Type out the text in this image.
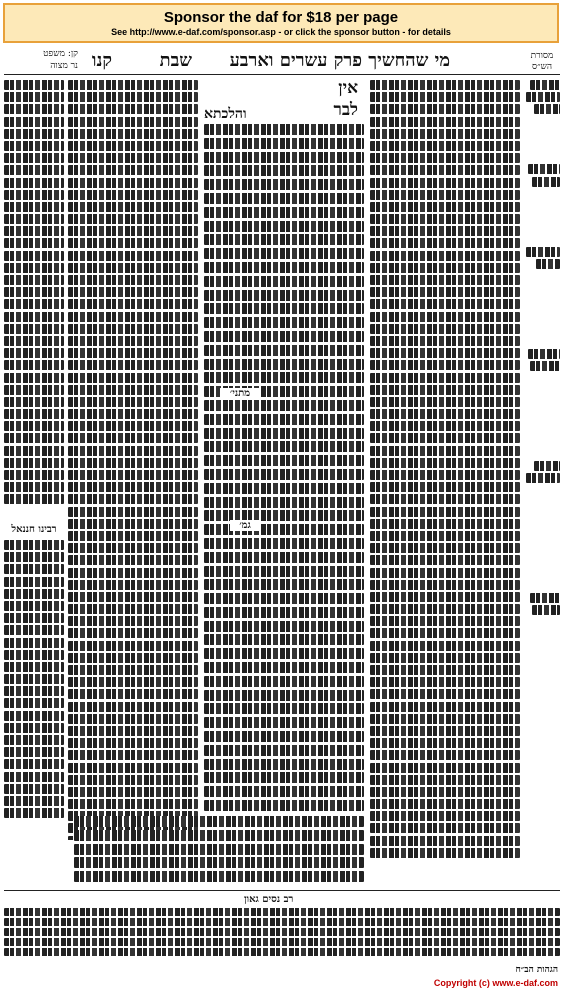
Sponsor the daf for $18 per page
See http://www.e-daf.com/sponsor.asp - or click the sponsor button - for details
מי שהחשיך פרק עשרים וארבע
שבת
קנו	מסורת הש״ס
קן: משפט
נר מצוה
אין
לבר
מתני׳
גמ׳
והלכתא
רבינו חננאל
רב נסים גאון
הגהות הב״ח
Copyright (c) www.e-daf.com
